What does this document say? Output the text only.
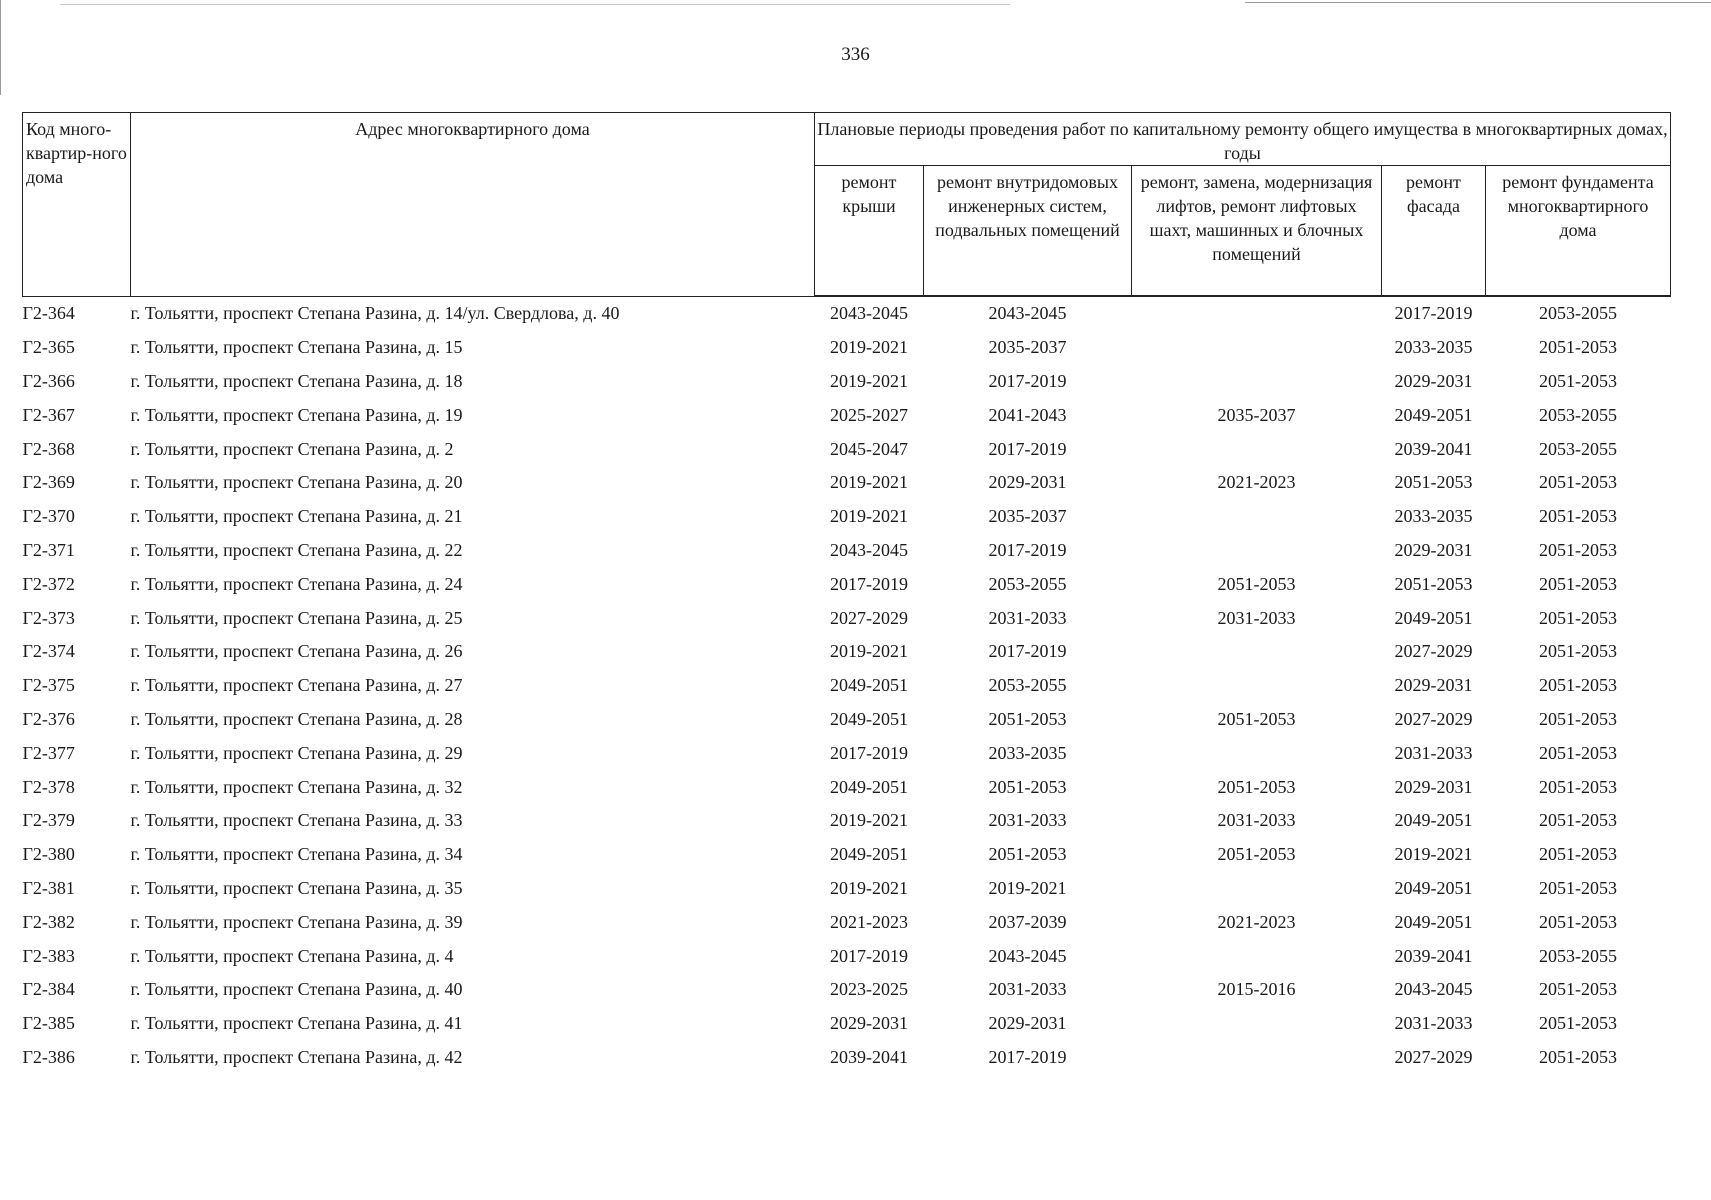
336
Код много-квартир-ного дома	Адрес многоквартирного дома	Плановые периоды проведения работ по капитальному ремонту общего имущества в многоквартирных домах, годы				
		ремонт крыши	ремонт внутридомовых инженерных систем, подвальных помещений	ремонт, замена, модернизация лифтов, ремонт лифтовых шахт, машинных и блочных помещений	ремонт фасада	ремонт фундамента многоквартирного дома
Г2-364	г. Тольятти, проспект Степана Разина, д. 14/ул. Свердлова, д. 40	2043-2045	2043-2045		2017-2019	2053-2055
Г2-365	г. Тольятти, проспект Степана Разина, д. 15	2019-2021	2035-2037		2033-2035	2051-2053
Г2-366	г. Тольятти, проспект Степана Разина, д. 18	2019-2021	2017-2019		2029-2031	2051-2053
Г2-367	г. Тольятти, проспект Степана Разина, д. 19	2025-2027	2041-2043	2035-2037	2049-2051	2053-2055
Г2-368	г. Тольятти, проспект Степана Разина, д. 2	2045-2047	2017-2019		2039-2041	2053-2055
Г2-369	г. Тольятти, проспект Степана Разина, д. 20	2019-2021	2029-2031	2021-2023	2051-2053	2051-2053
Г2-370	г. Тольятти, проспект Степана Разина, д. 21	2019-2021	2035-2037		2033-2035	2051-2053
Г2-371	г. Тольятти, проспект Степана Разина, д. 22	2043-2045	2017-2019		2029-2031	2051-2053
Г2-372	г. Тольятти, проспект Степана Разина, д. 24	2017-2019	2053-2055	2051-2053	2051-2053	2051-2053
Г2-373	г. Тольятти, проспект Степана Разина, д. 25	2027-2029	2031-2033	2031-2033	2049-2051	2051-2053
Г2-374	г. Тольятти, проспект Степана Разина, д. 26	2019-2021	2017-2019		2027-2029	2051-2053
Г2-375	г. Тольятти, проспект Степана Разина, д. 27	2049-2051	2053-2055		2029-2031	2051-2053
Г2-376	г. Тольятти, проспект Степана Разина, д. 28	2049-2051	2051-2053	2051-2053	2027-2029	2051-2053
Г2-377	г. Тольятти, проспект Степана Разина, д. 29	2017-2019	2033-2035		2031-2033	2051-2053
Г2-378	г. Тольятти, проспект Степана Разина, д. 32	2049-2051	2051-2053	2051-2053	2029-2031	2051-2053
Г2-379	г. Тольятти, проспект Степана Разина, д. 33	2019-2021	2031-2033	2031-2033	2049-2051	2051-2053
Г2-380	г. Тольятти, проспект Степана Разина, д. 34	2049-2051	2051-2053	2051-2053	2019-2021	2051-2053
Г2-381	г. Тольятти, проспект Степана Разина, д. 35	2019-2021	2019-2021		2049-2051	2051-2053
Г2-382	г. Тольятти, проспект Степана Разина, д. 39	2021-2023	2037-2039	2021-2023	2049-2051	2051-2053
Г2-383	г. Тольятти, проспект Степана Разина, д. 4	2017-2019	2043-2045		2039-2041	2053-2055
Г2-384	г. Тольятти, проспект Степана Разина, д. 40	2023-2025	2031-2033	2015-2016	2043-2045	2051-2053
Г2-385	г. Тольятти, проспект Степана Разина, д. 41	2029-2031	2029-2031		2031-2033	2051-2053
Г2-386	г. Тольятти, проспект Степана Разина, д. 42	2039-2041	2017-2019		2027-2029	2051-2053
